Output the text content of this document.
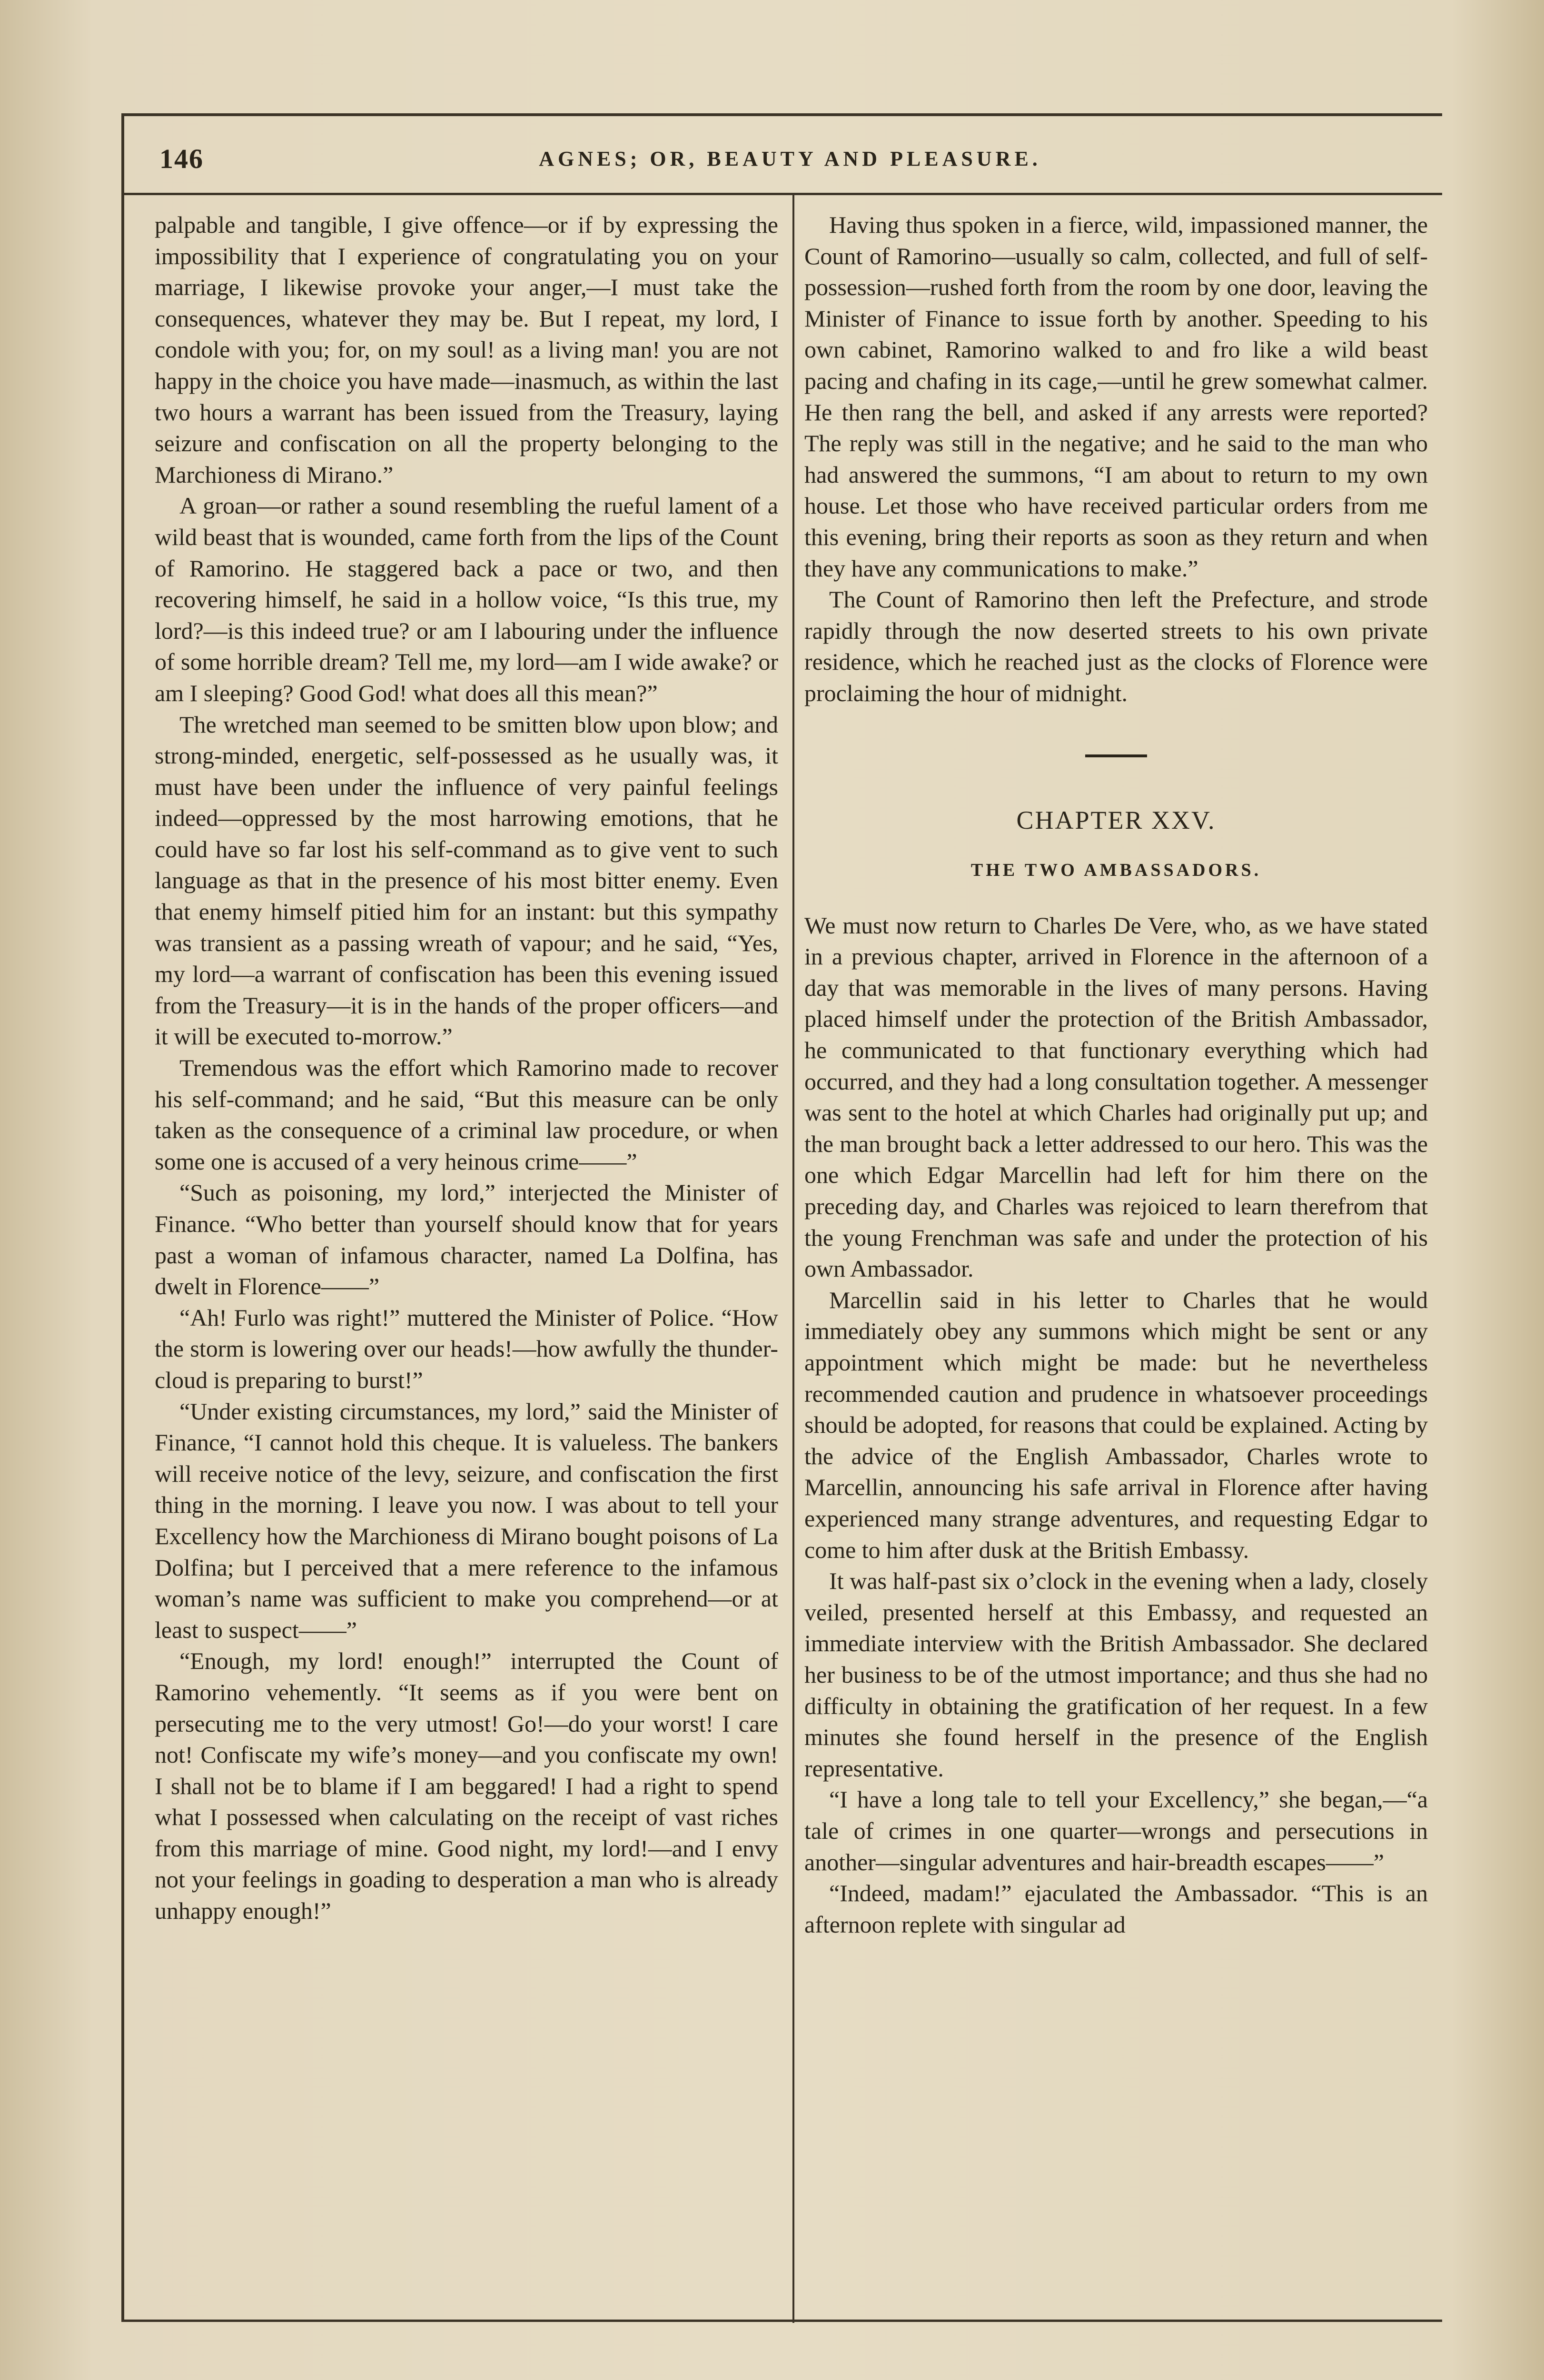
146	AGNES; OR, BEAUTY AND PLEASURE.

palpable and tangible, I give offence—or if by expressing the impossibility that I experience of congratulating you on your marriage, I likewise provoke your anger,—I must take the consequences, whatever they may be. But I repeat, my lord, I condole with you; for, on my soul! as a living man! you are not happy in the choice you have made—inasmuch, as within the last two hours a warrant has been issued from the Treasury, laying seizure and confiscation on all the property belonging to the Marchioness di Mirano.”

A groan—or rather a sound resembling the rueful lament of a wild beast that is wounded, came forth from the lips of the Count of Ramorino. He staggered back a pace or two, and then recovering himself, he said in a hollow voice, “Is this true, my lord?—is this indeed true? or am I labouring under the influence of some horrible dream? Tell me, my lord—am I wide awake? or am I sleeping? Good God! what does all this mean?”

The wretched man seemed to be smitten blow upon blow; and strong-minded, energetic, self-possessed as he usually was, it must have been under the influence of very painful feelings indeed—oppressed by the most harrowing emotions, that he could have so far lost his self-command as to give vent to such language as that in the presence of his most bitter enemy. Even that enemy himself pitied him for an instant: but this sympathy was transient as a passing wreath of vapour; and he said, “Yes, my lord—a warrant of confiscation has been this evening issued from the Treasury—it is in the hands of the proper officers—and it will be executed to-morrow.”

Tremendous was the effort which Ramorino made to recover his self-command; and he said, “But this measure can be only taken as the consequence of a criminal law procedure, or when some one is accused of a very heinous crime——”

“Such as poisoning, my lord,” interjected the Minister of Finance. “Who better than yourself should know that for years past a woman of infamous character, named La Dolfina, has dwelt in Florence——”

“Ah! Furlo was right!” muttered the Minister of Police. “How the storm is lowering over our heads!—how awfully the thunder-cloud is preparing to burst!”

“Under existing circumstances, my lord,” said the Minister of Finance, “I cannot hold this cheque. It is valueless. The bankers will receive notice of the levy, seizure, and confiscation the first thing in the morning. I leave you now. I was about to tell your Excellency how the Marchioness di Mirano bought poisons of La Dolfina; but I perceived that a mere reference to the infamous woman’s name was sufficient to make you comprehend—or at least to suspect——”

“Enough, my lord! enough!” interrupted the Count of Ramorino vehemently. “It seems as if you were bent on persecuting me to the very utmost! Go!—do your worst! I care not! Confiscate my wife’s money—and you confiscate my own! I shall not be to blame if I am beggared! I had a right to spend what I possessed when calculating on the receipt of vast riches from this marriage of mine. Good night, my lord!—and I envy not your feelings in goading to desperation a man who is already unhappy enough!”

Having thus spoken in a fierce, wild, impassioned manner, the Count of Ramorino—usually so calm, collected, and full of self-possession—rushed forth from the room by one door, leaving the Minister of Finance to issue forth by another. Speeding to his own cabinet, Ramorino walked to and fro like a wild beast pacing and chafing in its cage,—until he grew somewhat calmer. He then rang the bell, and asked if any arrests were reported? The reply was still in the negative; and he said to the man who had answered the summons, “I am about to return to my own house. Let those who have received particular orders from me this evening, bring their reports as soon as they return and when they have any communications to make.”

The Count of Ramorino then left the Prefecture, and strode rapidly through the now deserted streets to his own private residence, which he reached just as the clocks of Florence were proclaiming the hour of midnight.

CHAPTER XXV.
THE TWO AMBASSADORS.

We must now return to Charles De Vere, who, as we have stated in a previous chapter, arrived in Florence in the afternoon of a day that was memorable in the lives of many persons. Having placed himself under the protection of the British Ambassador, he communicated to that functionary everything which had occurred, and they had a long consultation together. A messenger was sent to the hotel at which Charles had originally put up; and the man brought back a letter addressed to our hero. This was the one which Edgar Marcellin had left for him there on the preceding day, and Charles was rejoiced to learn therefrom that the young Frenchman was safe and under the protection of his own Ambassador.

Marcellin said in his letter to Charles that he would immediately obey any summons which might be sent or any appointment which might be made: but he nevertheless recommended caution and prudence in whatsoever proceedings should be adopted, for reasons that could be explained. Acting by the advice of the English Ambassador, Charles wrote to Marcellin, announcing his safe arrival in Florence after having experienced many strange adventures, and requesting Edgar to come to him after dusk at the British Embassy.

It was half-past six o’clock in the evening when a lady, closely veiled, presented herself at this Embassy, and requested an immediate interview with the British Ambassador. She declared her business to be of the utmost importance; and thus she had no difficulty in obtaining the gratification of her request. In a few minutes she found herself in the presence of the English representative.

“I have a long tale to tell your Excellency,” she began,—“a tale of crimes in one quarter—wrongs and persecutions in another—singular adventures and hair-breadth escapes——”

“Indeed, madam!” ejaculated the Ambassador. “This is an afternoon replete with singular ad
